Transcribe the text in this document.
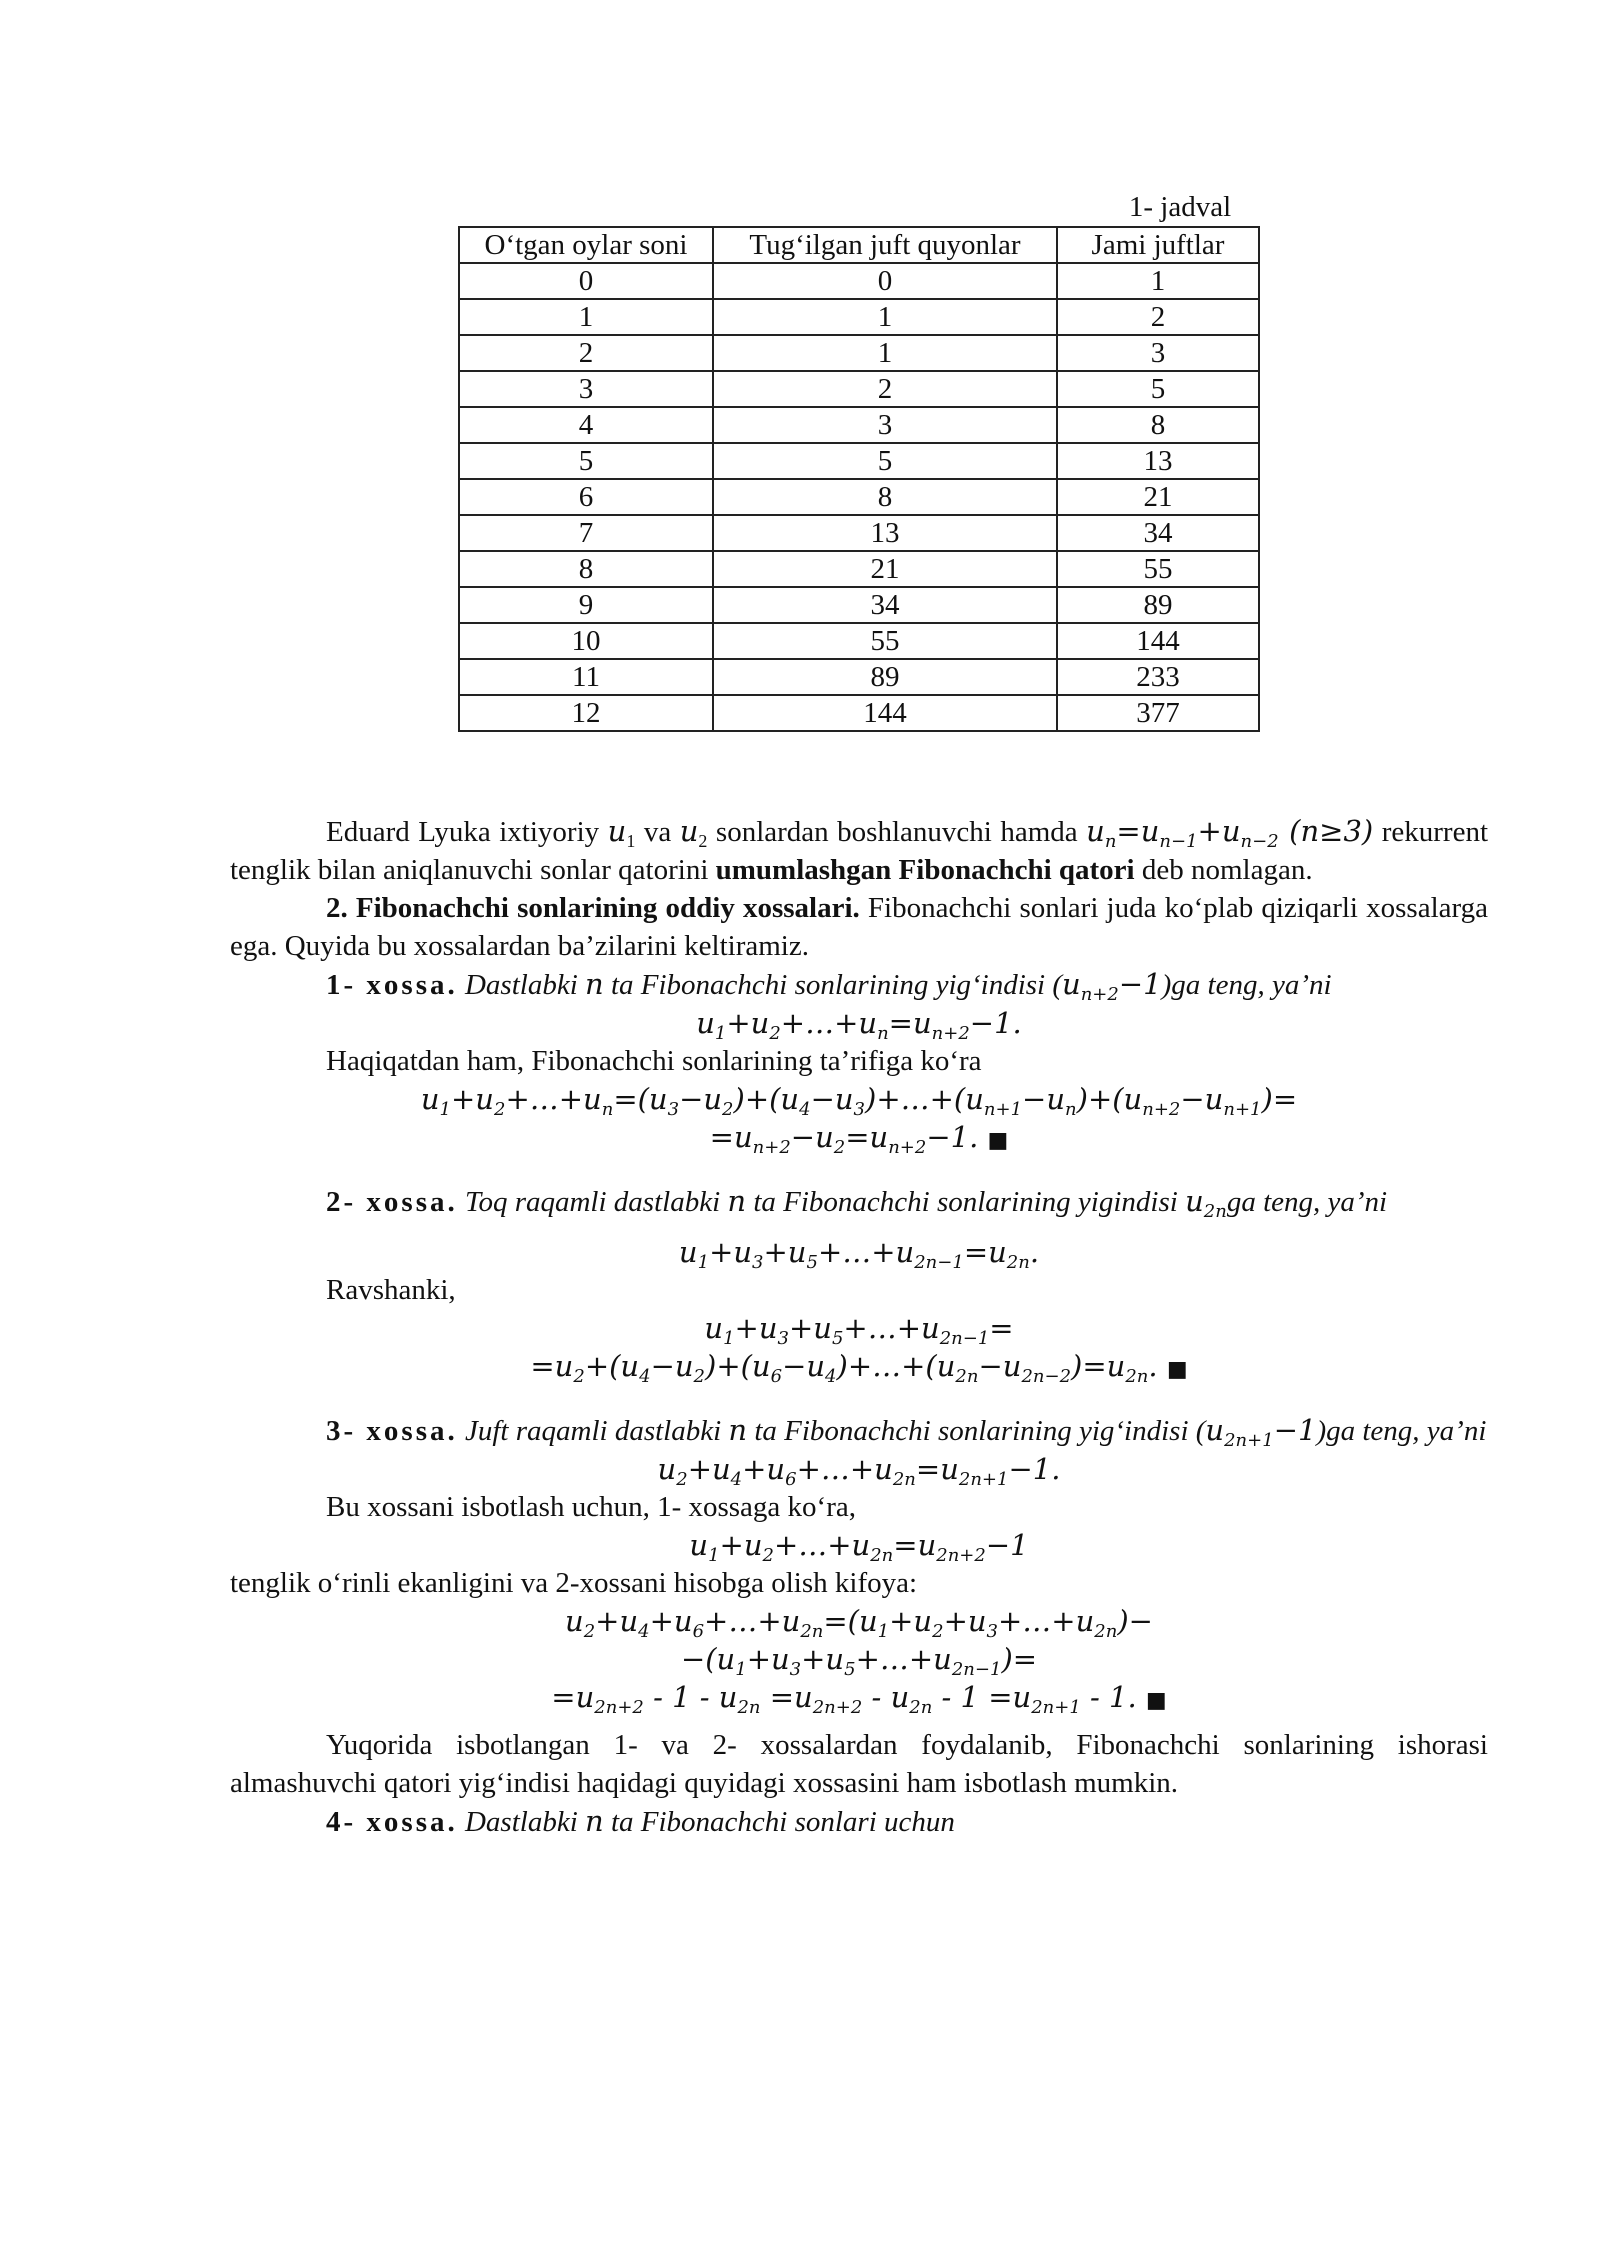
1- jadval
O‘tgan oylar soni	Tug‘ilgan juft quyonlar	Jami juftlar
0	0	1
1	1	2
2	1	3
3	2	5
4	3	8
5	5	13
6	8	21
7	13	34
8	21	55
9	34	89
10	55	144
11	89	233
12	144	377

Eduard Lyuka ixtiyoriy $u_1$ va $u_2$ sonlardan boshlanuvchi hamda $u_n=u_{n-1}+u_{n-2}$ (n≥3) rekurrent tenglik bilan aniqlanuvchi sonlar qatorini umumlashgan Fibonachchi qatori deb nomlagan.

2. Fibonachchi sonlarining oddiy xossalari. Fibonachchi sonlari juda ko‘plab qiziqarli xossalarga ega. Quyida bu xossalardan ba’zilarini keltiramiz.

1- xossa. Dastlabki n ta Fibonachchi sonlarining yig‘indisi $(u_{n+2}-1)ga$ teng, ya’ni

$u_1+u_2+\dots+u_n=u_{n+2}-1$.

Haqiqatdan ham, Fibonachchi sonlarining ta’rifiga ko‘ra

$u_1+u_2+\dots+u_n=(u_3-u_2)+(u_4-u_3)+\dots+(u_{n+1}-u_n)+(u_{n+2}-u_{n+1})=$

$=u_{n+2}-u_2=u_{n+2}-1$. ■

2- xossa. Toq raqamli dastlabki n ta Fibonachchi sonlarining yigindisi $u_{2n}ga$ teng, ya’ni

$u_1+u_3+u_5+\dots+u_{2n-1}=u_{2n}$.

Ravshanki,

$u_1+u_3+u_5+\dots+u_{2n-1}=$

$=u_2+(u_4-u_2)+(u_6-u_4)+\dots+(u_{2n}-u_{2n-2})=u_{2n}$. ■

3- xossa. Juft raqamli dastlabki n ta Fibonachchi sonlarining yig‘indisi $(u_{2n+1}-1)ga$ teng, ya’ni

$u_2+u_4+u_6+\dots+u_{2n}=u_{2n+1}-1$.

Bu xossani isbotlash uchun, 1- xossaga ko‘ra,

$u_1+u_2+\dots+u_{2n}=u_{2n+2}-1$

tenglik o‘rinli ekanligini va 2-xossani hisobga olish kifoya:

$u_2+u_4+u_6+\dots+u_{2n}=(u_1+u_2+u_3+\dots+u_{2n})-$

$-(u_1+u_3+u_5+\dots+u_{2n-1})=$

$=u_{2n+2} - 1 - u_{2n} =u_{2n+2} - u_{2n} - 1 =u_{2n+1} - 1$. ■

Yuqorida isbotlangan 1- va 2- xossalardan foydalanib, Fibonachchi sonlarining ishorasi almashuvchi qatori yig‘indisi haqidagi quyidagi xossasini ham isbotlash mumkin.

4- xossa. Dastlabki n ta Fibonachchi sonlari uchun
